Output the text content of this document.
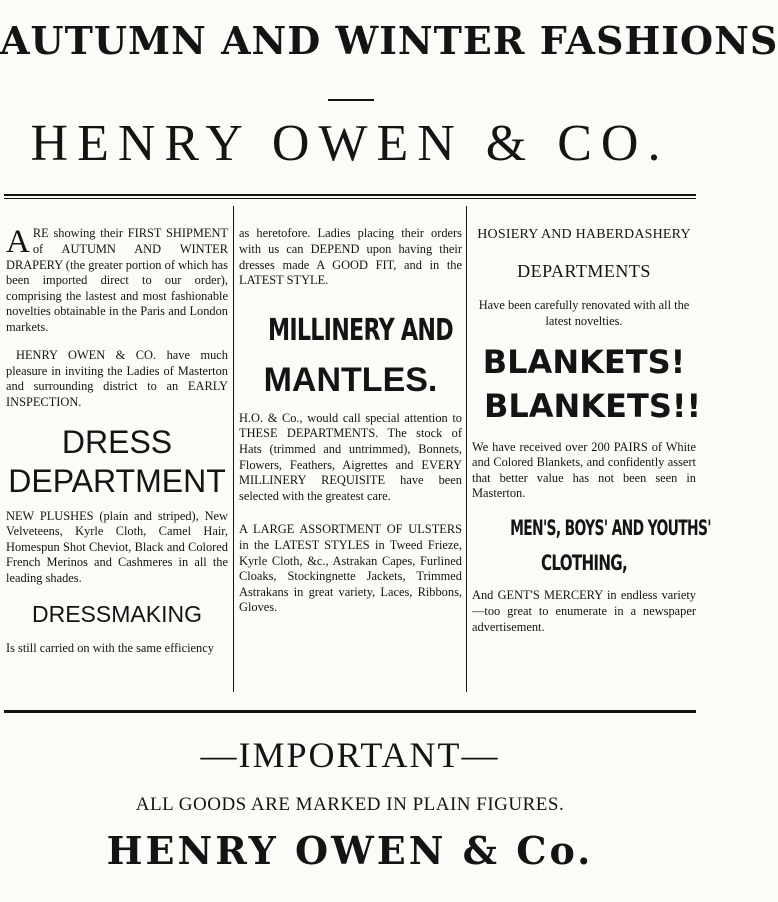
AUTUMN AND WINTER FASHIONS
HENRY OWEN & CO.

ARE showing their FIRST SHIPMENT of AUTUMN AND WINTER DRAPERY (the greater portion of which has been imported direct to our order), comprising the lastest and most fashionable novelties obtainable in the Paris and London markets.

HENRY OWEN & CO. have much pleasure in inviting the Ladies of Masterton and surrounding district to an EARLY INSPECTION.

DRESS
DEPARTMENT

NEW PLUSHES (plain and striped), New Velveteens, Kyrle Cloth, Camel Hair, Homespun Shot Cheviot, Black and Colored French Merinos and Cashmeres in all the leading shades.

DRESSMAKING

Is still carried on with the same efficiency

as heretofore. Ladies placing their orders with us can DEPEND upon having their dresses made A GOOD FIT, and in the LATEST STYLE.

MILLINERY AND
MANTLES.

H.O. & Co., would call special attention to THESE DEPARTMENTS. The stock of Hats (trimmed and untrimmed), Bonnets, Flowers, Feathers, Aigrettes and EVERY MILLINERY REQUISITE have been selected with the greatest care.

A LARGE ASSORTMENT OF ULSTERS in the LATEST STYLES in Tweed Frieze, Kyrle Cloth, &c., Astrakan Capes, Furlined Cloaks, Stockingnette Jackets, Trimmed Astrakans in great variety, Laces, Ribbons, Gloves.

HOSIERY AND HABERDASHERY
DEPARTMENTS

Have been carefully renovated with all the latest novelties.

BLANKETS!
BLANKETS!!

We have received over 200 PAIRS of White and Colored Blankets, and confidently assert that better value has not been seen in Masterton.

MEN'S, BOYS' AND YOUTHS'
CLOTHING,

And GENT'S MERCERY in endless variety—too great to enumerate in a newspaper advertisement.

—IMPORTANT—
ALL GOODS ARE MARKED IN PLAIN FIGURES.
HENRY OWEN & Co.
